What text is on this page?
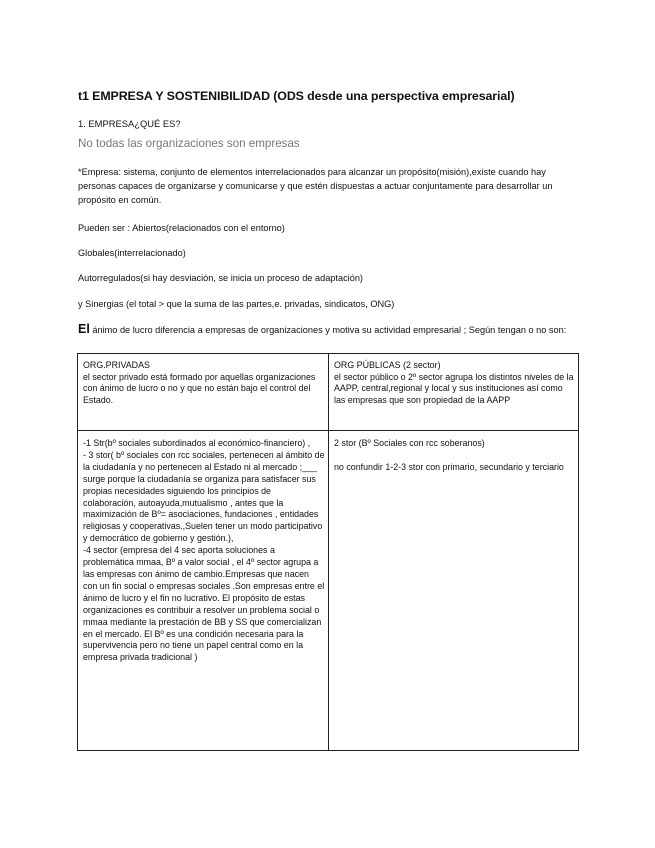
t1 EMPRESA Y SOSTENIBILIDAD (ODS desde una perspectiva empresarial)
1. EMPRESA¿QUÉ ES?
No todas las organizaciones son empresas
*Empresa: sistema, conjunto de elementos interrelacionados para alcanzar un propósito(misión),existe cuando hay personas capaces de organizarse y comunicarse y que estén dispuestas a actuar conjuntamente para desarrollar un propósito en común.
Pueden ser : Abiertos(relacionados con el entorno)
Globales(interrelacionado)
Autorregulados(si hay desviación, se inicia un proceso de adaptación)
y Sinergias (el total > que la suma de las partes,e. privadas, sindicatos, ONG)
El ánimo de lucro diferencia a empresas de organizaciones y motiva su actividad empresarial ; Según tengan o no son:
ORG.PRIVADAS
el sector privado está formado por aquellas organizaciones con ánimo de lucro o no y que no están bajo el control del Estado.
ORG PÚBLICAS (2 sector)
el sector público o 2º sector agrupa los distintos niveles de la AAPP, central,regional y local y sus instituciones así como las empresas que son propiedad de la AAPP
-1 Str(bº sociales subordinados al económico-financiero) ,
- 3 stor( bº sociales con rcc sociales, pertenecen al ámbito de la ciudadanía y no pertenecen al Estado ni al mercado ;___ surge porque la ciudadanía se organiza para satisfacer sus propias necesidades siguiendo los principios de colaboración, autoayuda,mutualismo , antes que la maximización de Bº= asociaciones, fundaciones , entidades religiosas y cooperativas.,Suelen tener un modo participativo y democrático de gobierno y gestión.),
-4 sector (empresa del 4 sec aporta soluciones a problemática mmaa, Bº a valor social , el 4º sector agrupa a las empresas con ánimo de cambio.Empresas que nacen con un fin social o empresas sociales .Son empresas entre el ánimo de lucro y el fin no lucrativo. El propósito de estas organizaciones es contribuir a resolver un problema social o mmaa mediante la prestación de BB y SS que comercializan en el mercado. El Bº es una condición necesaria para la supervivencia pero no tiene un papel central como en la empresa privada tradicional )
2 stor (Bº Sociales con rcc soberanos)
no confundir 1-2-3 stor con primario, secundario y terciario
